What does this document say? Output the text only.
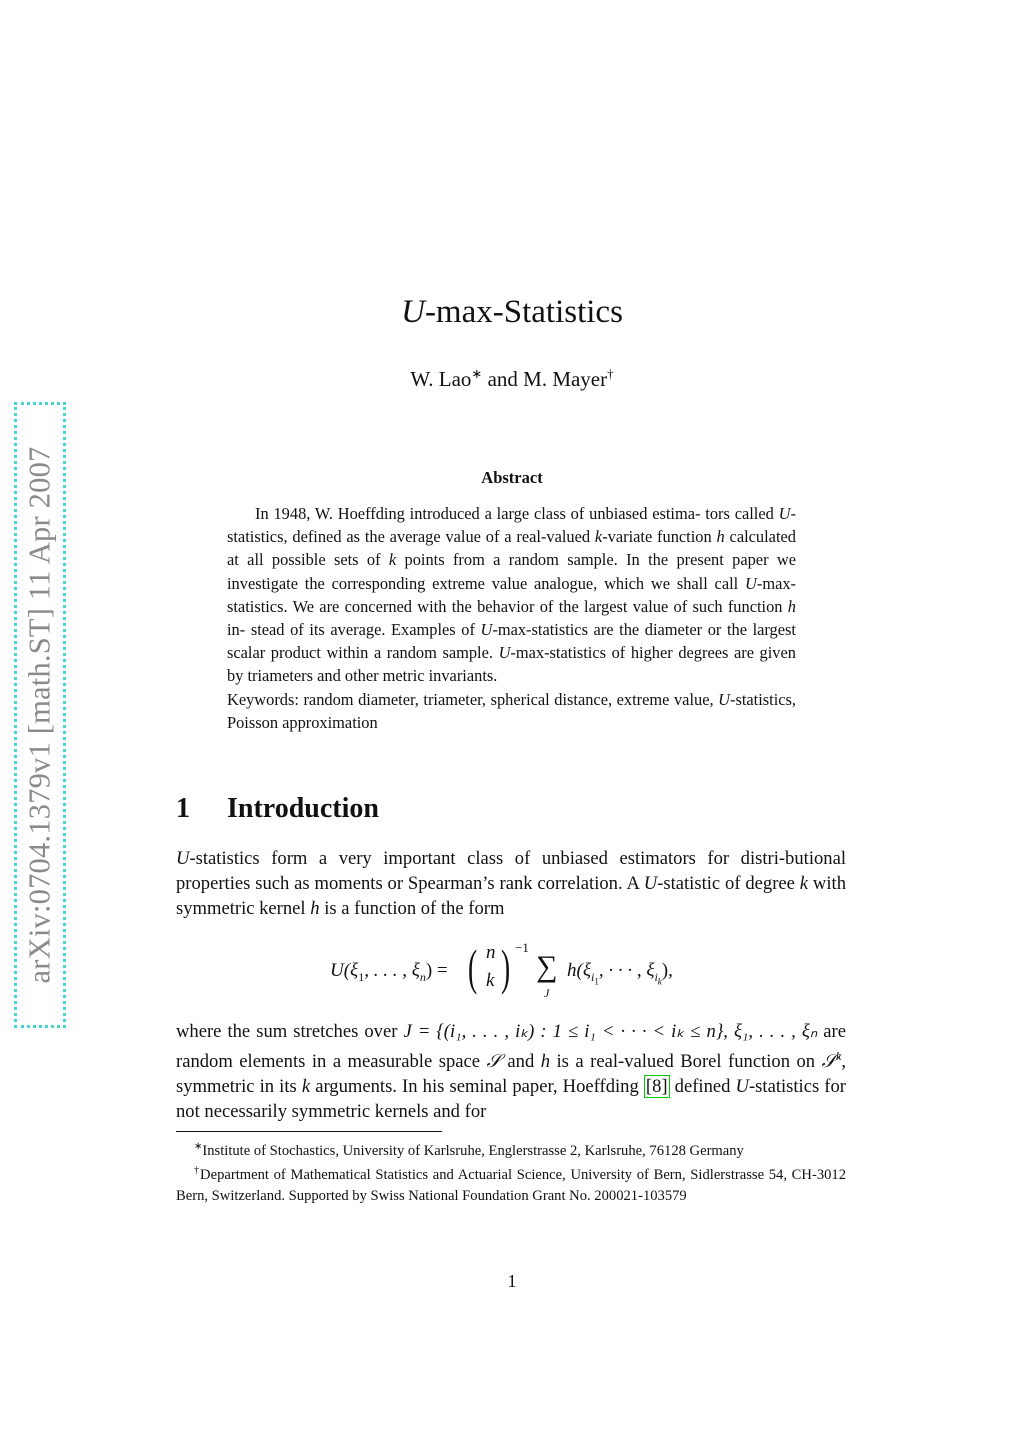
arXiv:0704.1379v1 [math.ST] 11 Apr 2007
U-max-Statistics
W. Lao∗ and M. Mayer†
Abstract
In 1948, W. Hoeffding introduced a large class of unbiased estima- tors called U-statistics, defined as the average value of a real-valued k-variate function h calculated at all possible sets of k points from a random sample. In the present paper we investigate the corresponding extreme value analogue, which we shall call U-max-statistics. We are concerned with the behavior of the largest value of such function h in- stead of its average. Examples of U-max-statistics are the diameter or the largest scalar product within a random sample. U-max-statistics of higher degrees are given by triameters and other metric invariants.
Keywords: random diameter, triameter, spherical distance, extreme value, U-statistics, Poisson approximation
1 Introduction
U-statistics form a very important class of unbiased estimators for distri-butional properties such as moments or Spearman’s rank correlation. A U-statistic of degree k with symmetric kernel h is a function of the form
$U(\xi_1$, . . . , $\xi_n$) = ( n
k ) −1
∑
J
$h(\xi_{i_1}$, · · · , $\xi_{i_k}$),
where the sum stretches over J = {(i₁, . . . , iₖ) : 1 ≤ i₁ < · · · < iₖ ≤ n}, ξ₁, . . . , ξₙ are random elements in a measurable space 𝒮 and h is a real-valued Borel function on 𝒮$^k$, symmetric in its k arguments. In his seminal paper, Hoeffding [8] defined U-statistics for not necessarily symmetric kernels and for

∗Institute of Stochastics, University of Karlsruhe, Englerstrasse 2, Karlsruhe, 76128 Germany

†Department of Mathematical Statistics and Actuarial Science, University of Bern, Sidlerstrasse 54, CH-3012 Bern, Switzerland. Supported by Swiss National Foundation Grant No. 200021-103579

1
